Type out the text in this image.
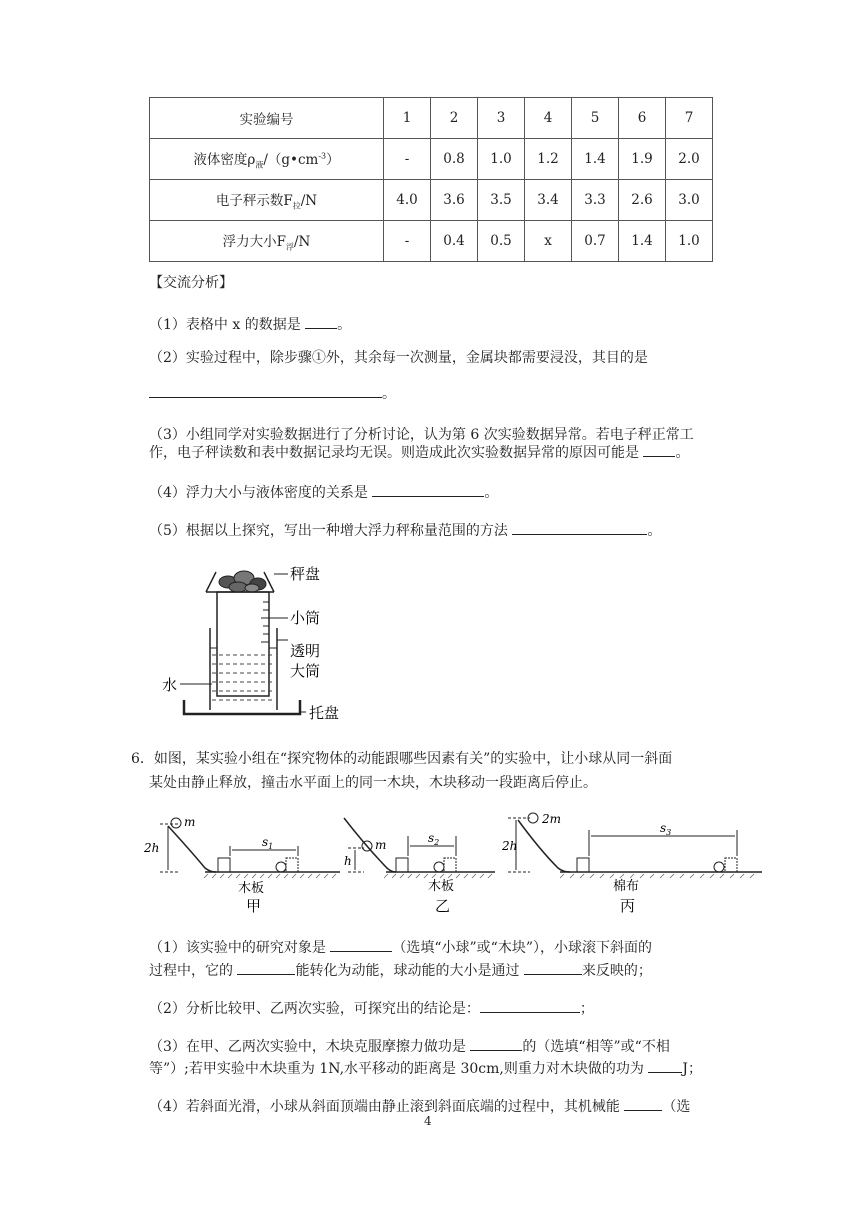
实验编号	1	2	3	4	5	6	7
液体密度$\rho_液/(g•cm^{-3})$	-	0.8	1.0	1.2	1.4	1.9	2.0
电子秤示数$F_拉/N$	4.0	3.6	3.5	3.4	3.3	2.6	3.0
浮力大小$F_浮/N$	-	0.4	0.5	x	0.7	1.4	1.0
【交流分析】
（1）表格中 x 的数据是 。
（2）实验过程中，除步骤①外，其余每一次测量，金属块都需要浸没，其目的是
。
（3）小组同学对实验数据进行了分析讨论，认为第 6 次实验数据异常。若电子秤正常工
作，电子秤读数和表中数据记录均无误。则造成此次实验数据异常的原因可能是 。
（4）浮力大小与液体密度的关系是	。
（5）根据以上探究，写出一种增大浮力秤称量范围的方法	。
秤盘
小筒
透明
大筒
水
托盘
6．如图，某实验小组在“探究物体的动能跟哪些因素有关”的实验中，让小球从同一斜面
某处由静止释放，撞击水平面上的同一木块，木块移动一段距离后停止。
2h
m
$s_1$
木板
甲
h
m	$s_2$
木板
乙
2h
2m
$s_3$
棉布
丙
（1）该实验中的研究对象是	（选填“小球”或“木块”），小球滚下斜面的
过程中，它的	能转化为动能，球动能的大小是通过	来反映的；
（2）分析比较甲、乙两次实验，可探究出的结论是：	；
（3）在甲、乙两次实验中，木块克服摩擦力做功是	的（选填“相等”或“不相
等”）;若甲实验中木块重为 1N,水平移动的距离是 30cm,则重力对木块做的功为 J；
（4）若斜面光滑，小球从斜面顶端由静止滚到斜面底端的过程中，其机械能	（选
4
